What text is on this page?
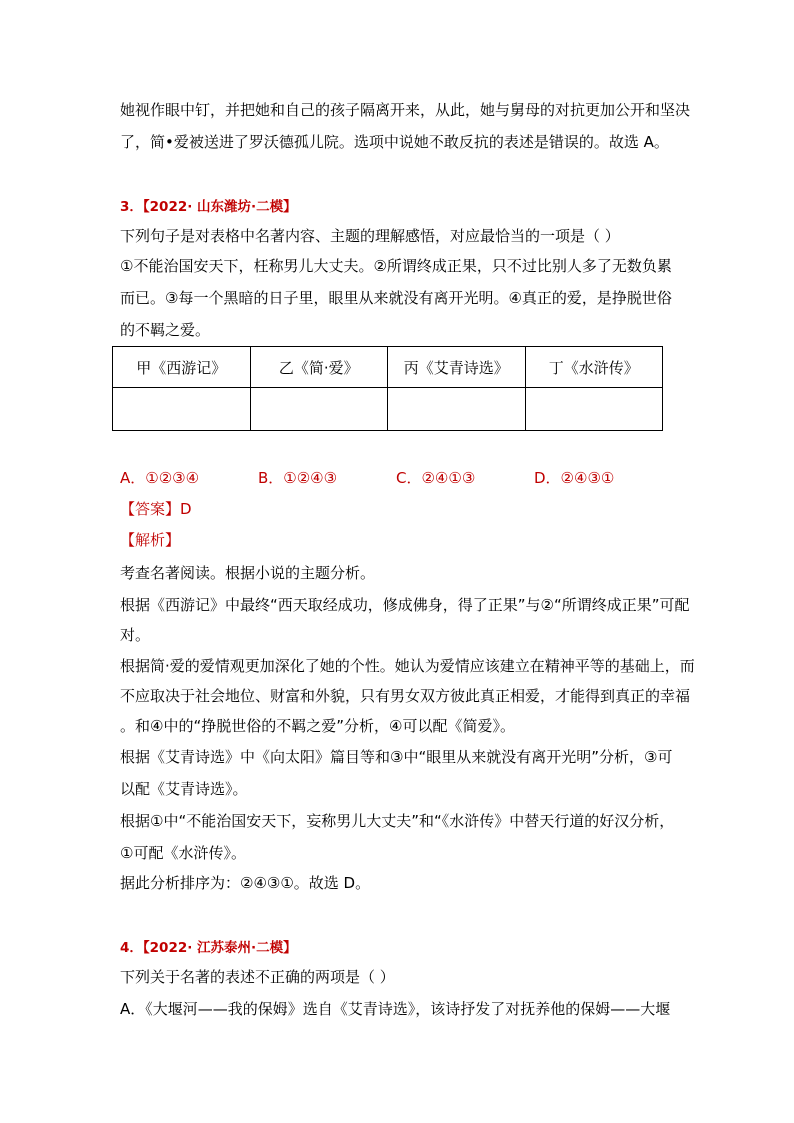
她视作眼中钉，并把她和自己的孩子隔离开来，从此，她与舅母的对抗更加公开和坚决
了，简•爱被送进了罗沃德孤儿院。选项中说她不敢反抗的表述是错误的。故选 A。
3．【2022· 山东潍坊·二模】
下列句子是对表格中名著内容、主题的理解感悟，对应最恰当的一项是（ ）
①不能治国安天下，枉称男儿大丈夫。②所谓终成正果，只不过比别人多了无数负累
而已。③每一个黑暗的日子里，眼里从来就没有离开光明。④真正的爱，是挣脱世俗
的不羁之爱。
甲《西游记》	乙《简·爱》	丙《艾青诗选》	丁《水浒传》

A．①②③④	B．①②④③	C．②④①③	D．②④③①
【答案】D
【解析】
考查名著阅读。根据小说的主题分析。
根据《西游记》中最终“西天取经成功，修成佛身，得了正果”与②“所谓终成正果”可配
对。
根据简·爱的爱情观更加深化了她的个性。她认为爱情应该建立在精神平等的基础上，而
不应取决于社会地位、财富和外貌，只有男女双方彼此真正相爱，才能得到真正的幸福
。和④中的“挣脱世俗的不羁之爱”分析，④可以配《简爱》。
根据《艾青诗选》中《向太阳》篇目等和③中“眼里从来就没有离开光明”分析，③可
以配《艾青诗选》。
根据①中“不能治国安天下，妄称男儿大丈夫”和“《水浒传》中替天行道的好汉分析，
①可配《水浒传》。
据此分析排序为：②④③①。故选 D。
4．【2022· 江苏泰州·二模】
下列关于名著的表述不正确的两项是（ ）
A．《大堰河——我的保姆》选自《艾青诗选》，该诗抒发了对抚养他的保姆——大堰
